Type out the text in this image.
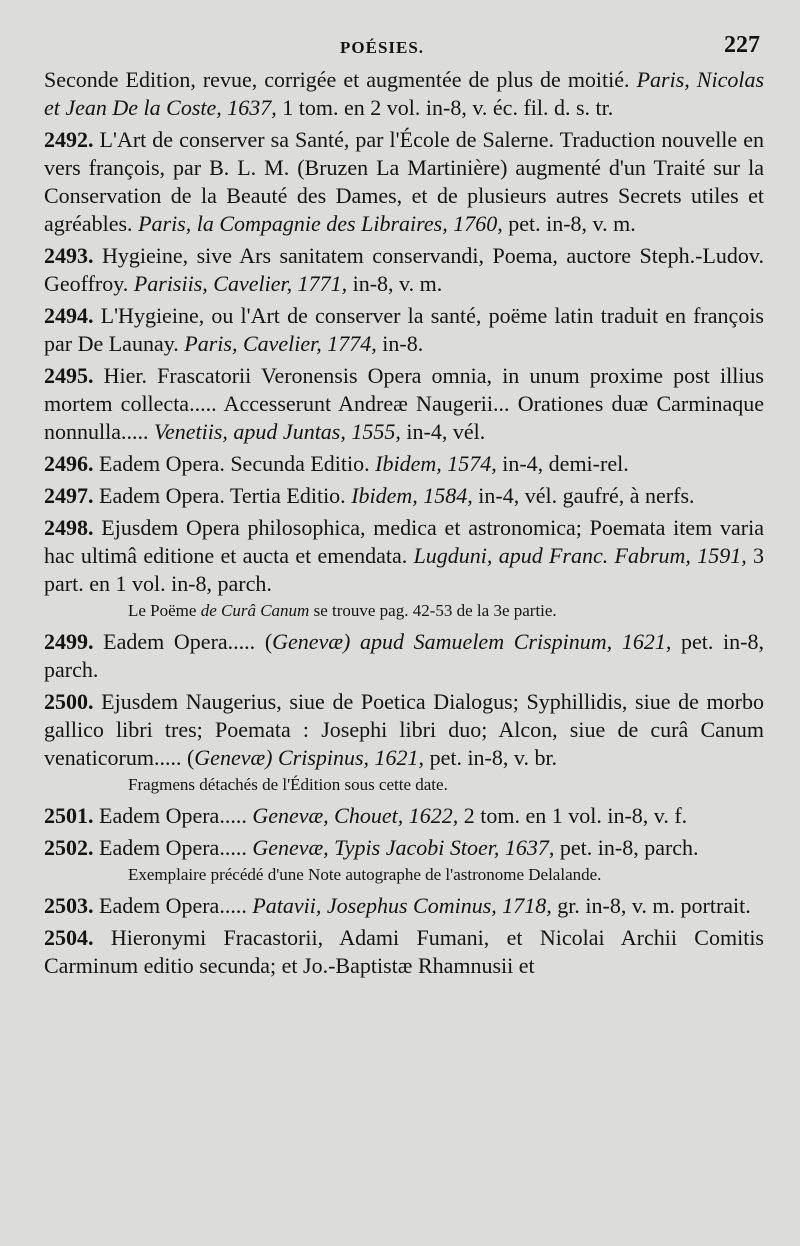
POÉSIES.	227

Seconde Edition, revue, corrigée et augmentée de plus de moitié. Paris, Nicolas et Jean De la Coste, 1637, 1 tom. en 2 vol. in-8, v. éc. fil. d. s. tr.

2492. L'Art de conserver sa Santé, par l'École de Salerne. Traduction nouvelle en vers françois, par B. L. M. (Bruzen La Martinière) augmenté d'un Traité sur la Conservation de la Beauté des Dames, et de plusieurs autres Secrets utiles et agréables. Paris, la Compagnie des Libraires, 1760, pet. in-8, v. m.

2493. Hygieine, sive Ars sanitatem conservandi, Poema, auctore Steph.-Ludov. Geoffroy. Parisiis, Cavelier, 1771, in-8, v. m.

2494. L'Hygieine, ou l'Art de conserver la santé, poëme latin traduit en françois par De Launay. Paris, Cavelier, 1774, in-8.

2495. Hier. Frascatorii Veronensis Opera omnia, in unum proxime post illius mortem collecta..... Accesserunt Andreæ Naugerii... Orationes duæ Carminaque nonnulla..... Venetiis, apud Juntas, 1555, in-4, vél.

2496. Eadem Opera. Secunda Editio. Ibidem, 1574, in-4, demi-rel.

2497. Eadem Opera. Tertia Editio. Ibidem, 1584, in-4, vél. gaufré, à nerfs.

2498. Ejusdem Opera philosophica, medica et astronomica; Poemata item varia hac ultimâ editione et aucta et emendata. Lugduni, apud Franc. Fabrum, 1591, 3 part. en 1 vol. in-8, parch.

Le Poëme de Curâ Canum se trouve pag. 42-53 de la 3e partie.

2499. Eadem Opera..... (Genevæ) apud Samuelem Crispinum, 1621, pet. in-8, parch.

2500. Ejusdem Naugerius, siue de Poetica Dialogus; Syphillidis, siue de morbo gallico libri tres; Poemata : Josephi libri duo; Alcon, siue de curâ Canum venaticorum..... (Genevæ) Crispinus, 1621, pet. in-8, v. br.

Fragmens détachés de l'Édition sous cette date.

2501. Eadem Opera..... Genevæ, Chouet, 1622, 2 tom. en 1 vol. in-8, v. f.

2502. Eadem Opera..... Genevæ, Typis Jacobi Stoer, 1637, pet. in-8, parch.

Exemplaire précédé d'une Note autographe de l'astronome Delalande.

2503. Eadem Opera..... Patavii, Josephus Cominus, 1718, gr. in-8, v. m. portrait.

2504. Hieronymi Fracastorii, Adami Fumani, et Nicolai Archii Comitis Carminum editio secunda; et Jo.-Baptistæ Rhamnusii et
